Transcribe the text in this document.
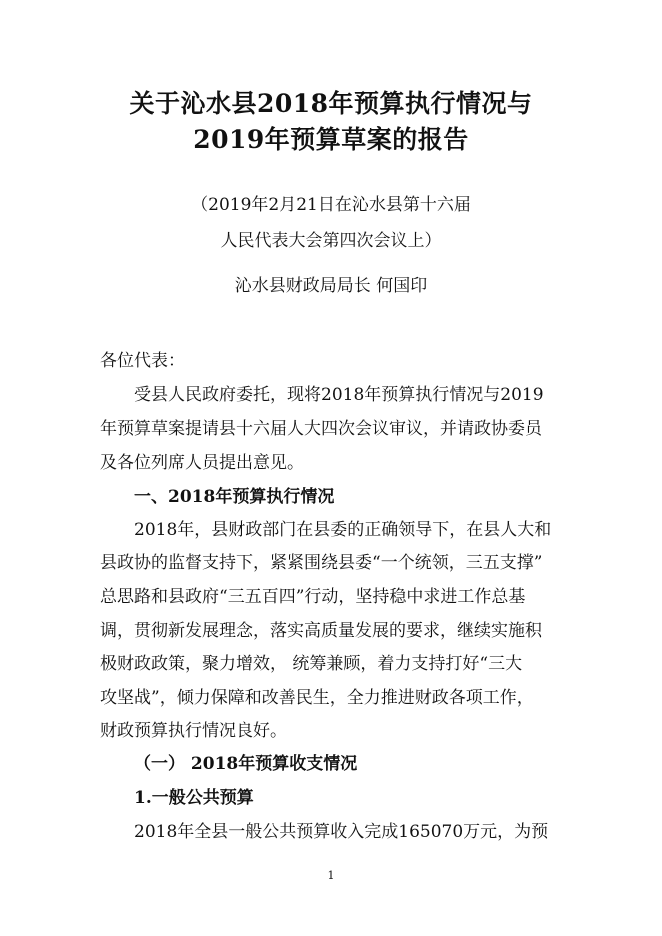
关于沁水县2018年预算执行情况与
2019年预算草案的报告
（2019年2月21日在沁水县第十六届
人民代表大会第四次会议上）
沁水县财政局局长 何国印
各位代表：
受县人民政府委托，现将2018年预算执行情况与2019
年预算草案提请县十六届人大四次会议审议，并请政协委员
及各位列席人员提出意见。
一、2018年预算执行情况
2018年，县财政部门在县委的正确领导下，在县人大和
县政协的监督支持下，紧紧围绕县委“一个统领，三五支撑”
总思路和县政府“三五百四”行动，坚持稳中求进工作总基
调，贯彻新发展理念，落实高质量发展的要求，继续实施积
极财政政策，聚力增效， 统筹兼顾，着力支持打好“三大
攻坚战”，倾力保障和改善民生，全力推进财政各项工作，
财政预算执行情况良好。
（一） 2018年预算收支情况
1.一般公共预算
2018年全县一般公共预算收入完成165070万元，为预
1
